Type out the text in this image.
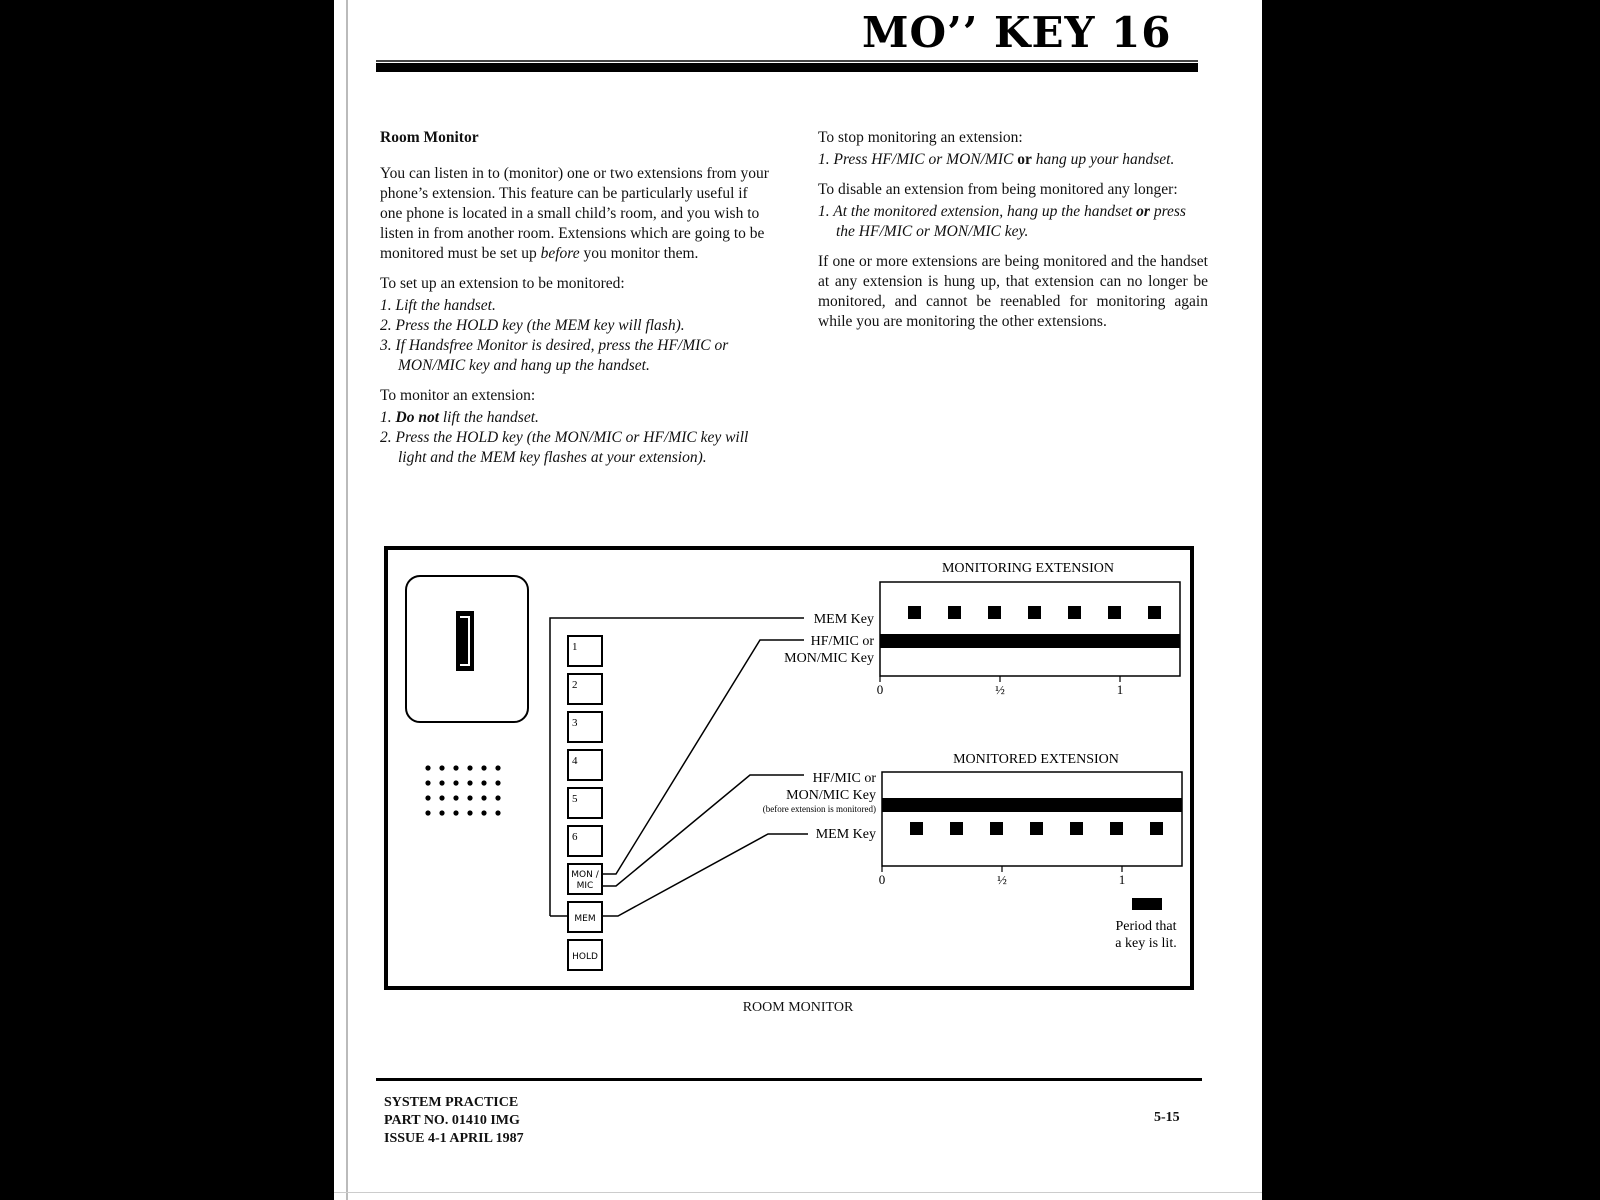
MO’’ KEY 16
Room Monitor

You can listen in to (monitor) one or two extensions from your phone’s extension. This feature can be particularly useful if one phone is located in a small child’s room, and you wish to listen in from another room. Extensions which are going to be monitored must be set up before you monitor them.

To set up an extension to be monitored:

1. Lift the handset.
2. Press the HOLD key (the MEM key will flash).
3. If Handsfree Monitor is desired, press the HF/MIC or MON/MIC key and hang up the handset.

To monitor an extension:

1. Do not lift the handset.
2. Press the HOLD key (the MON/MIC or HF/MIC key will light and the MEM key flashes at your extension).

To stop monitoring an extension:

1. Press HF/MIC or MON/MIC or hang up your handset.

To disable an extension from being monitored any longer:

1. At the monitored extension, hang up the handset or press the HF/MIC or MON/MIC key.

If one or more extensions are being monitored and the handset at any extension is hung up, that extension can no longer be monitored, and cannot be reenabled for monitoring again while you are monitoring the other extensions.

1
2
3
4
5
6
MON /
MIC
MEM
HOLD
MONITORING EXTENSION
MEM Key
HF/MIC or
MON/MIC Key
0	½	1
MONITORED EXTENSION
HF/MIC or
MON/MIC Key
(before extension is monitored)
MEM Key
0	½	1
Period that
a key is lit.
ROOM MONITOR
SYSTEM PRACTICE
PART NO. 01410 IMG
ISSUE 4-1 APRIL 1987
5-15
